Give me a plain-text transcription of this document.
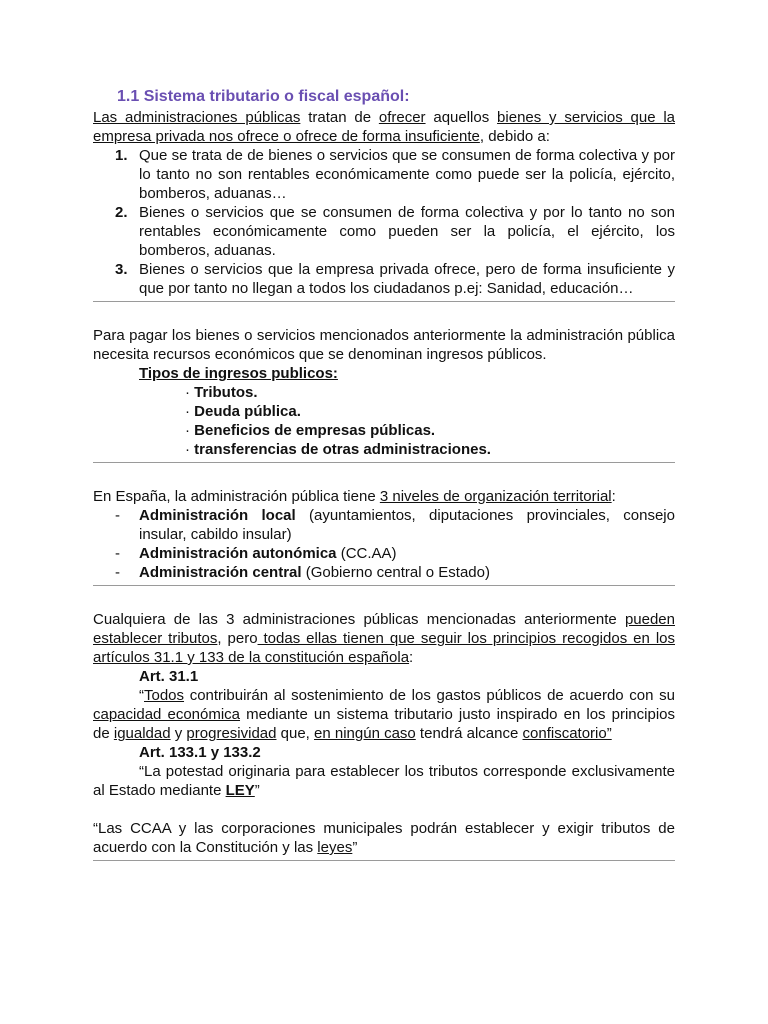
1.1 Sistema tributario o fiscal español:

Las administraciones públicas tratan de ofrecer aquellos bienes y servicios que la empresa privada nos ofrece o ofrece de forma insuficiente, debido a:

1. Que se trata de de bienes o servicios que se consumen de forma colectiva y por lo tanto no son rentables económicamente como puede ser la policía, ejército, bomberos, aduanas…
2. Bienes o servicios que se consumen de forma colectiva y por lo tanto no son rentables económicamente como pueden ser la policía, el ejército, los bomberos, aduanas.
3. Bienes o servicios que la empresa privada ofrece, pero de forma insuficiente y que por tanto no llegan a todos los ciudadanos p.ej: Sanidad, educación…

Para pagar los bienes o servicios mencionados anteriormente la administración pública necesita recursos económicos que se denominan ingresos públicos.

Tipos de ingresos publicos:
· Tributos.
· Deuda pública.
· Beneficios de empresas públicas.
· transferencias de otras administraciones.

En España, la administración pública tiene 3 niveles de organización territorial:

- Administración local (ayuntamientos, diputaciones provinciales, consejo insular, cabildo insular)
- Administración autonómica (CC.AA)
- Administración central (Gobierno central o Estado)

Cualquiera de las 3 administraciones públicas mencionadas anteriormente pueden establecer tributos, pero todas ellas tienen que seguir los principios recogidos en los artículos 31.1 y 133 de la constitución española:

Art. 31.1

“Todos contribuirán al sostenimiento de los gastos públicos de acuerdo con su capacidad económica mediante un sistema tributario justo inspirado en los principios de igualdad y progresividad que, en ningún caso tendrá alcance confiscatorio”

Art. 133.1 y 133.2

“La potestad originaria para establecer los tributos corresponde exclusivamente al Estado mediante LEY”

“Las CCAA y las corporaciones municipales podrán establecer y exigir tributos de acuerdo con la Constitución y las leyes”
